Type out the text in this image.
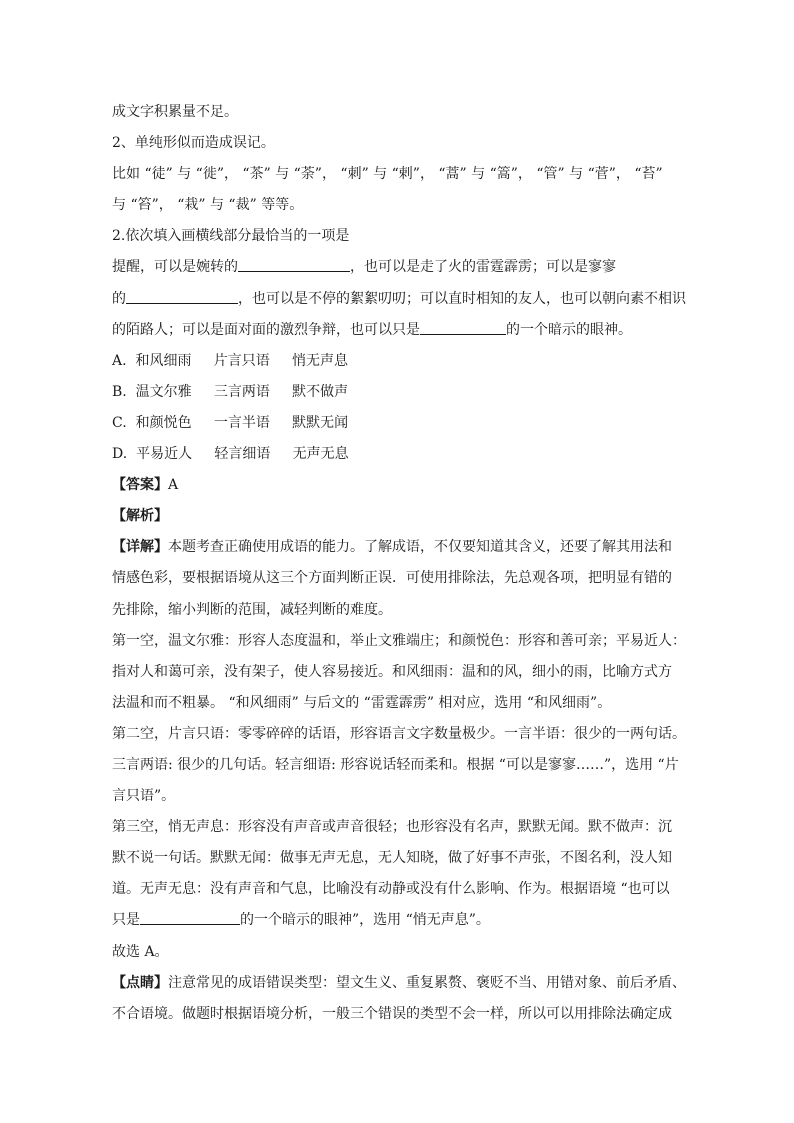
成文字积累量不足。
2、单纯形似而造成误记。
比如 “徒” 与 “徙”， “茶” 与 “荼”， “刺” 与 “剌”， “蒿” 与 “篙”， “管” 与 “菅”， “苔”
与 “笞”， “栽” 与 “裁” 等等。
2.依次填入画横线部分最恰当的一项是
提醒，可以是婉转的	，也可以是走了火的雷霆霹雳；可以是寥寥
的	，也可以是不停的絮絮叨叨；可以直时相知的友人，也可以朝向素不相识
的陌路人；可以是面对面的激烈争辩，也可以只是	的一个暗示的眼神。
A.  和风细雨     片言只语     悄无声息
B.  温文尔雅     三言两语     默不做声
C.  和颜悦色     一言半语     默默无闻
D.  平易近人     轻言细语     无声无息
【答案】A
【解析】
【详解】本题考查正确使用成语的能力。了解成语，不仅要知道其含义，还要了解其用法和
情感色彩，要根据语境从这三个方面判断正误．可使用排除法，先总观各项，把明显有错的
先排除，缩小判断的范围，减轻判断的难度。
第一空，温文尔雅：形容人态度温和，举止文雅端庄；和颜悦色：形容和善可亲；平易近人：
指对人和蔼可亲，没有架子，使人容易接近。和风细雨：温和的风，细小的雨，比喻方式方
法温和而不粗暴。 “和风细雨” 与后文的 “雷霆霹雳” 相对应，选用 “和风细雨”。
第二空，片言只语：零零碎碎的话语，形容语言文字数量极少。一言半语：很少的一两句话。
三言两语: 很少的几句话。轻言细语: 形容说话轻而柔和。根据 “可以是寥寥……”，选用 “片
言只语”。
第三空，悄无声息：形容没有声音或声音很轻；也形容没有名声，默默无闻。默不做声：沉
默不说一句话。默默无闻：做事无声无息，无人知晓，做了好事不声张，不图名利，没人知
道。无声无息：没有声音和气息，比喻没有动静或没有什么影响、作为。根据语境 “也可以
只是	的一个暗示的眼神”，选用 “悄无声息”。
故选 A。
【点睛】注意常见的成语错误类型：望文生义、重复累赘、褒贬不当、用错对象、前后矛盾、
不合语境。做题时根据语境分析，一般三个错误的类型不会一样，所以可以用排除法确定成
